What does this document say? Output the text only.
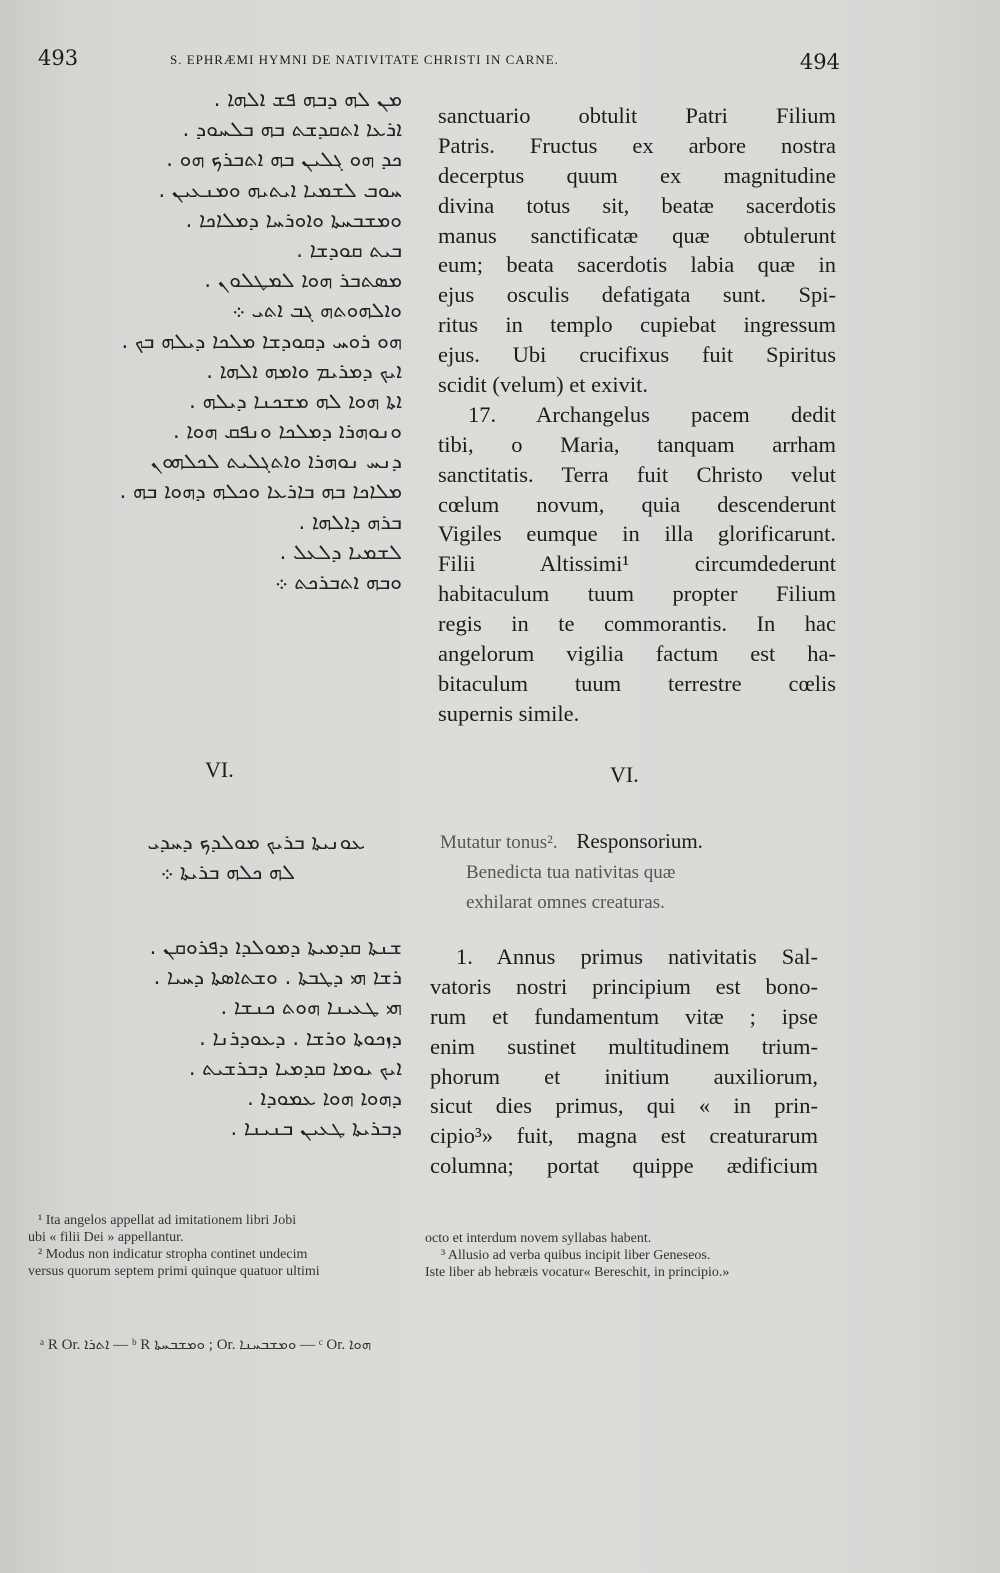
493	S. EPHRÆMI HYMNI DE NATIVITATE CHRISTI IN CARNE.	494
ܡܢ ܠܗ ܕܒܗ ܦܫ ܐܠܗܐ .
ܐܪܥܐ ܐܬܩܕܫܬ ܒܗ ܒܠܚܘܕ .
ܟܕ ܗܘ ܓܠܝܢ ܒܗ ܐܬܒܪܟ ܗܘ .
ܚܘܒ ܠܫܡܝܐ ܐܝܬܝܗ ܘܡܢܥܝܢ .
ܘܡܫܒܚܬܐ ܘܐܘܪܚܐ ܕܡܠܐܟܐ .
ܒܝܬ ܩܘܕܫܐ .
ܡܣܬܒܪ ܗܘܐ ܠܡܛܠܘܢ .
ܘܐܠܗܘܬܗ ܓܒ ܐܬܝ ܀
ܗܘ ܪܘܚ ܕܩܘܕܫܐ ܡܠܟܐ ܕܝܠܗ ܒܟ .
ܐܝܟ ܕܡܪܝܡ ܘܐܡܗ ܐܠܗܐ .
ܐܬܐ ܗܘܐ ܠܗ ܡܫܟܢܐ ܕܝܠܗ .
ܘܢܘܗܪܐ ܕܡܠܟܐ ܘܢܦܩ ܗܘܐ .
ܕܢܚ ܢܘܗܪܐ ܘܐܬܓܠܝܬ ܠܟܠܗܘܢ
ܡܠܐܟܐ ܒܗ ܒܐܪܥܐ ܘܟܠܗ ܕܗܘܐ ܒܗ .
ܒܪܗ ܕܐܠܗܐ .
ܠܫܡܝܐ ܕܠܥܠ .
ܘܒܗ ܐܬܒܪܟܬ ܀
sanctuario obtulit Patri Filium
Patris. Fructus ex arbore nostra
decerptus quum ex magnitudine
divina totus sit, beatæ sacerdotis
manus sanctificatæ quæ obtulerunt
eum; beata sacerdotis labia quæ in
ejus osculis defatigata sunt. Spi-
ritus in templo cupiebat ingressum
ejus. Ubi crucifixus fuit Spiritus
scidit (velum) et exivit.
17. Archangelus pacem dedit
tibi, o Maria, tanquam arrham
sanctitatis. Terra fuit Christo velut
cœlum novum, quia descenderunt
Vigiles eumque in illa glorificarunt.
Filii Altissimi¹ circumdederunt
habitaculum tuum propter Filium
regis in te commorantis. In hac
angelorum vigilia factum est ha-
bitaculum tuum terrestre cœlis
supernis simile.
VI.	VI.
ܥܘܢܝܬܐ ܒܪܝܟ ܡܘܠܕܟ ܕܚܕܝ
ܠܗ ܟܠܗ ܒܪܝܬܐ ܀
Mutatur tonus². Responsorium.
Benedicta tua nativitas quæ
exhilarat omnes creaturas.
ܫܢܬܐ ܩܕܡܝܬܐ ܕܡܘܠܕܐ ܕܦܪܘܩܢ .
ܪܫܐ ܗܝ ܕܛܒܬܐ . ܘܫܬܐܣܬܐ ܕܚܝܐ .
ܗܝ ܛܥܝܢܐ ܗܘܬ ܟܢܫܐ .
ܕܙܟܘܬܐ ܘܪܫܐ . ܕܥܘܕܪܢܐ .
ܐܝܟ ܝܘܡܐ ܩܕܡܝܐ ܕܒܪܫܝܬ .
ܕܗܘܐ ܗܘܐ ܥܡܘܕܐ .
ܕܒܪܝܬܐ ܛܥܝܢ ܒܢܝܢܐ .
1. Annus primus nativitatis Sal-
vatoris nostri principium est bono-
rum et fundamentum vitæ ; ipse
enim sustinet multitudinem trium-
phorum et initium auxiliorum,
sicut dies primus, qui « in prin-
cipio³» fuit, magna est creaturarum
columna; portat quippe ædificium
¹ Ita angelos appellat ad imitationem libri Jobi
ubi « filii Dei » appellantur.
² Modus non indicatur stropha continet undecim
versus quorum septem primi quinque quatuor ultimi
octo et interdum novem syllabas habent.
³ Allusio ad verba quibus incipit liber Geneseos.
Iste liber ab hebræis vocatur« Bereschit, in principio.»
ᵃ R Or. ܐܬܪܐ — ᵇ R ܘܡܫܒܚܬܐ ; Or. ܘܡܫܒܚܢܐ — ᶜ Or. ܗܘܐ
